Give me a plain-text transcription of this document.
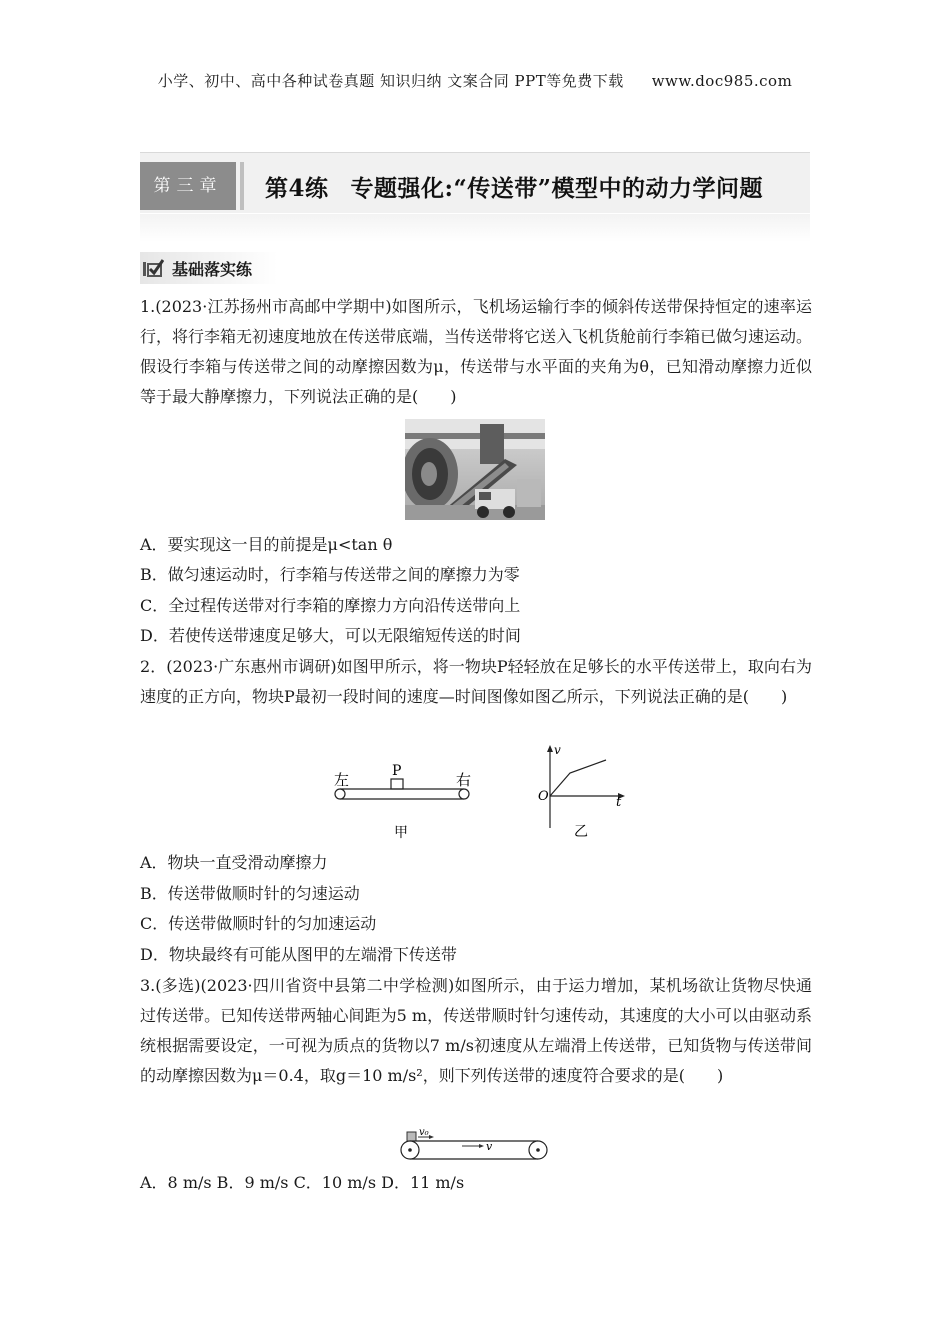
小学、初中、高中各种试卷真题 知识归纳 文案合同 PPT等免费下载 www.doc985.com
第三章	第4练 专题强化:“传送带”模型中的动力学问题
基础落实练
1.(2023·江苏扬州市高邮中学期中)如图所示，飞机场运输行李的倾斜传送带保持恒定的速率运行，将行李箱无初速度地放在传送带底端，当传送带将它送入飞机货舱前行李箱已做匀速运动。假设行李箱与传送带之间的动摩擦因数为μ，传送带与水平面的夹角为θ，已知滑动摩擦力近似等于最大静摩擦力，下列说法正确的是(　　)
A．要实现这一目的前提是μ<tan θ
B．做匀速运动时，行李箱与传送带之间的摩擦力为零
C．全过程传送带对行李箱的摩擦力方向沿传送带向上
D．若使传送带速度足够大，可以无限缩短传送的时间
2．(2023·广东惠州市调研)如图甲所示，将一物块P轻轻放在足够长的水平传送带上，取向右为速度的正方向，物块P最初一段时间的速度—时间图像如图乙所示，下列说法正确的是(　　)
左	右
P
甲
v
O	t
乙
A．物块一直受滑动摩擦力
B．传送带做顺时针的匀速运动
C．传送带做顺时针的匀加速运动
D．物块最终有可能从图甲的左端滑下传送带
3.(多选)(2023·四川省资中县第二中学检测)如图所示，由于运力增加，某机场欲让货物尽快通过传送带。已知传送带两轴心间距为5 m，传送带顺时针匀速传动，其速度的大小可以由驱动系统根据需要设定，一可视为质点的货物以7 m/s初速度从左端滑上传送带，已知货物与传送带间的动摩擦因数为μ＝0.4，取g＝10 m/s²，则下列传送带的速度符合要求的是(　　)
v₀
v
A．8 m/s B．9 m/s C．10 m/s D．11 m/s
